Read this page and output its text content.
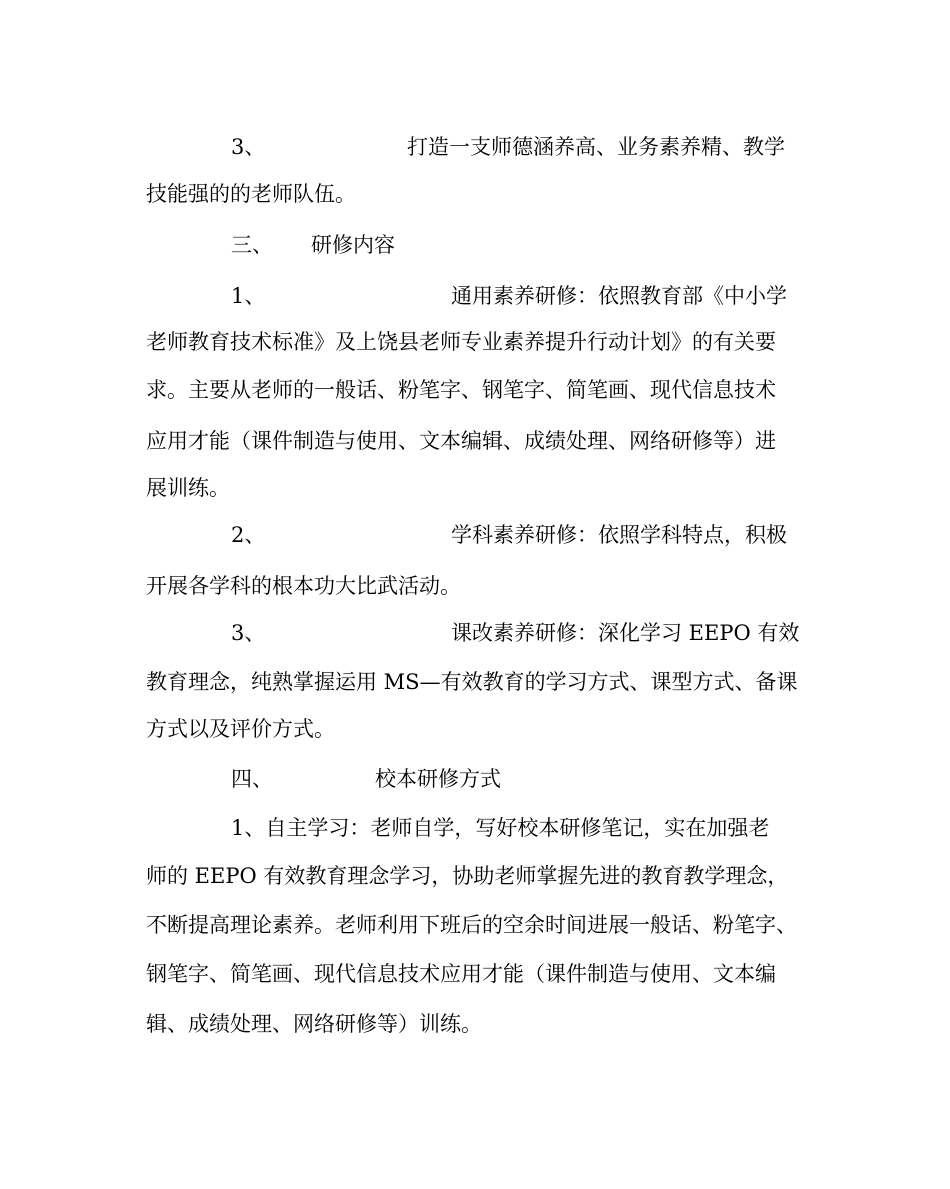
3、	打造一支师德涵养高、业务素养精、教学
技能强的的老师队伍。
三、 研修内容
1、	通用素养研修：依照教育部《中小学
老师教育技术标准》及上饶县老师专业素养提升行动计划》的有关要
求。主要从老师的一般话、粉笔字、钢笔字、简笔画、现代信息技术
应用才能（课件制造与使用、文本编辑、成绩处理、网络研修等）进
展训练。
2、	学科素养研修：依照学科特点，积极
开展各学科的根本功大比武活动。
3、	课改素养研修：深化学习 EEPO 有效
教育理念，纯熟掌握运用 MS—有效教育的学习方式、课型方式、备课
方式以及评价方式。
四、	校本研修方式
1、自主学习：老师自学，写好校本研修笔记，实在加强老
师的 EEPO 有效教育理念学习，协助老师掌握先进的教育教学理念，
不断提高理论素养。老师利用下班后的空余时间进展一般话、粉笔字、
钢笔字、简笔画、现代信息技术应用才能（课件制造与使用、文本编
辑、成绩处理、网络研修等）训练。
